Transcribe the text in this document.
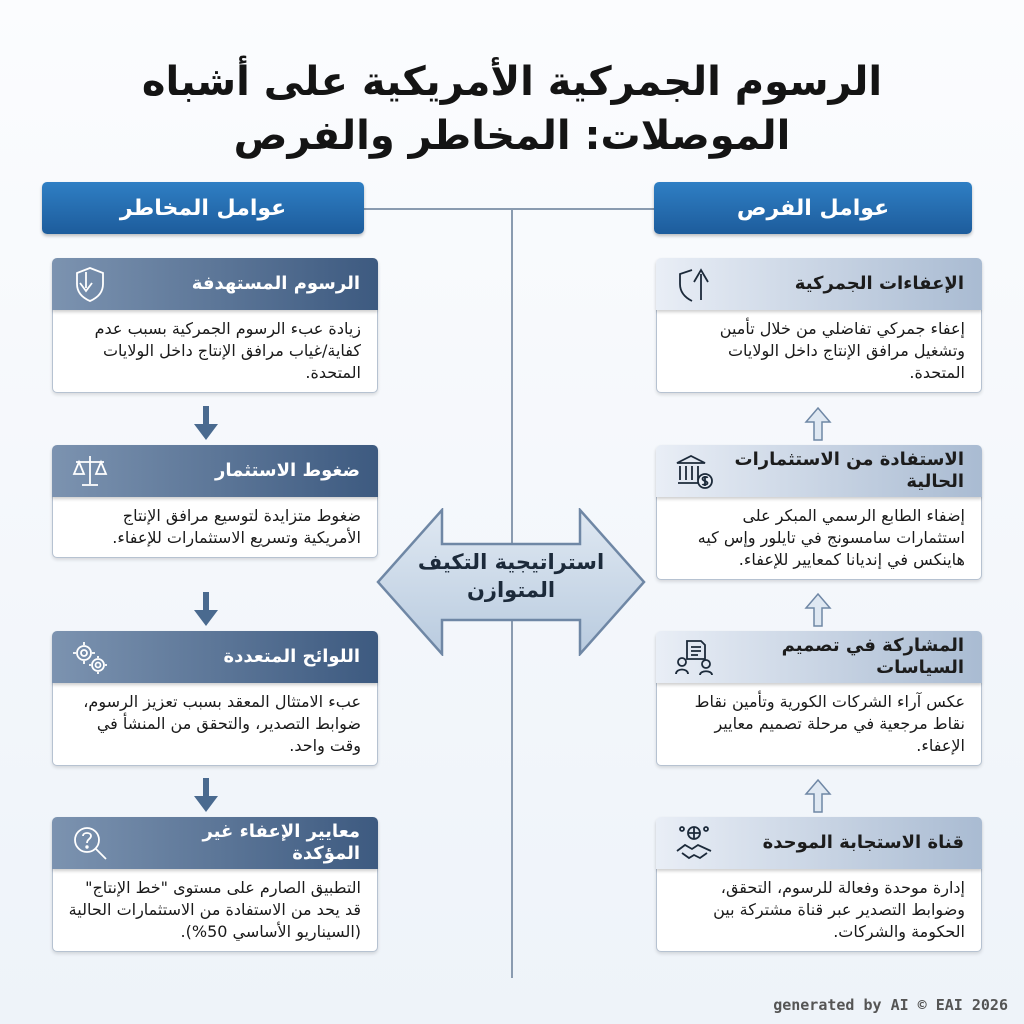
الرسوم الجمركية الأمريكية على أشباه الموصلات: المخاطر والفرص
عوامل المخاطر	عوامل الفرص
استراتيجية التكيف المتوازن
الرسوم المستهدفة
زيادة عبء الرسوم الجمركية بسبب عدم كفاية/غياب مرافق الإنتاج داخل الولايات المتحدة.
ضغوط الاستثمار
ضغوط متزايدة لتوسيع مرافق الإنتاج الأمريكية وتسريع الاستثمارات للإعفاء.
اللوائح المتعددة
عبء الامتثال المعقد بسبب تعزيز الرسوم، ضوابط التصدير، والتحقق من المنشأ في وقت واحد.
معايير الإعفاء غير المؤكدة
التطبيق الصارم على مستوى "خط الإنتاج" قد يحد من الاستفادة من الاستثمارات الحالية (السيناريو الأساسي 50%).
الإعفاءات الجمركية
إعفاء جمركي تفاضلي من خلال تأمين وتشغيل مرافق الإنتاج داخل الولايات المتحدة.
الاستفادة من الاستثمارات الحالية
إضفاء الطابع الرسمي المبكر على استثمارات سامسونج في تايلور وإس كيه هاينكس في إنديانا كمعايير للإعفاء.
المشاركة في تصميم السياسات
عكس آراء الشركات الكورية وتأمين نقاط نقاط مرجعية في مرحلة تصميم معايير الإعفاء.
قناة الاستجابة الموحدة
إدارة موحدة وفعالة للرسوم، التحقق، وضوابط التصدير عبر قناة مشتركة بين الحكومة والشركات.
generated by AI © EAI 2026
